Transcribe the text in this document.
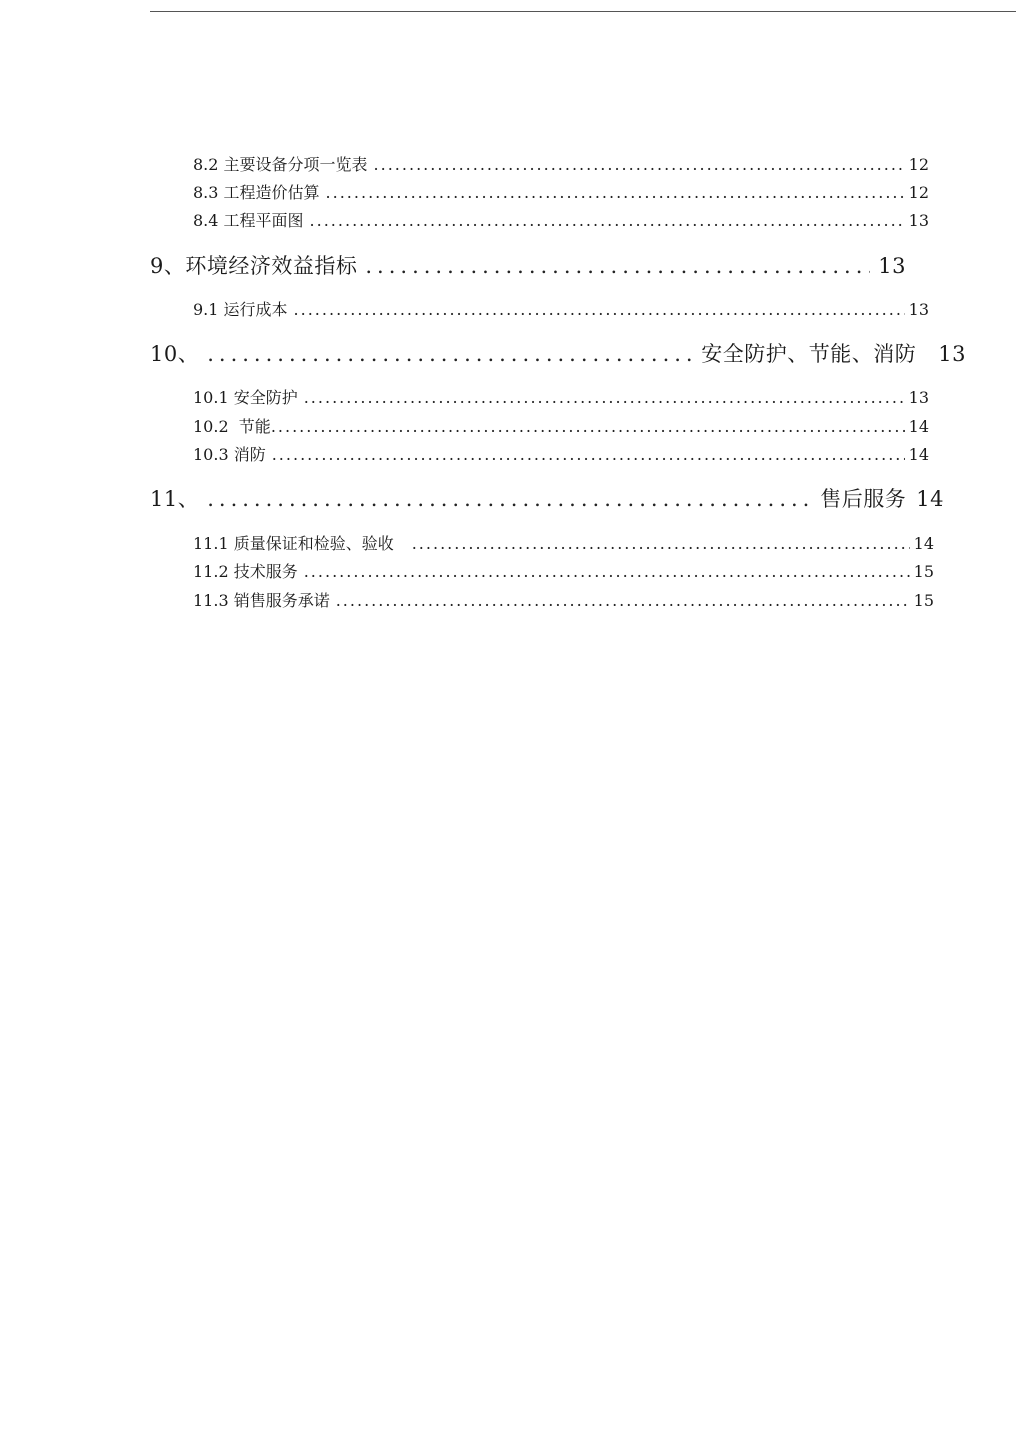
8.2 主要设备分项一览表 .....	12
8.3 工程造价估算 .....	12
8.4 工程平面图 .....	13
9、环境经济效益指标 .....	13
9.1 运行成本 .....	13
10、 .....	安全防护、节能、消防 13
10.1 安全防护 .....	13
10.2  节能 .....	14
10.3 消防 .....	14
11、 .....	售后服务 14
11.1 质量保证和检验、验收 .....	14
11.2 技术服务 .....	15
11.3 销售服务承诺 .....	15
